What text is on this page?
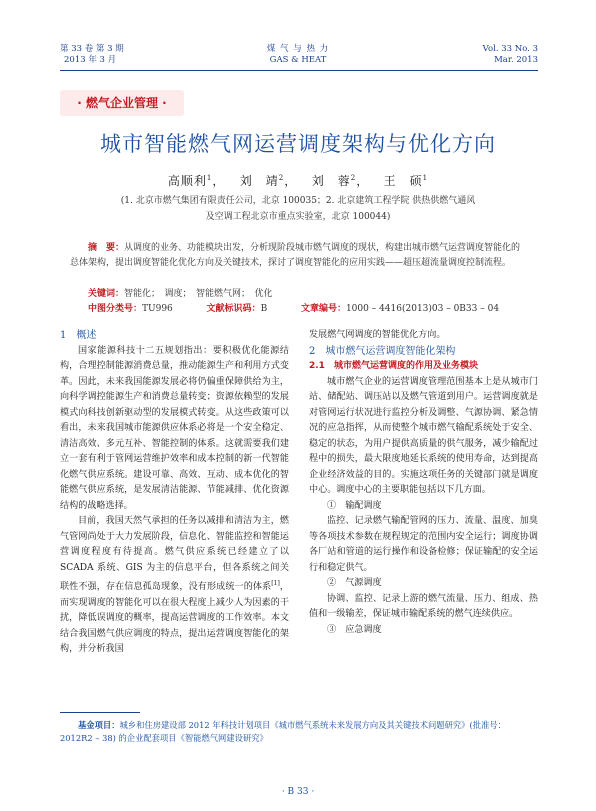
第 33 卷 第 3 期
2013 年 3 月
煤 气 与 热 力
GAS & HEAT
Vol. 33 No. 3
Mar. 2013
· 燃气企业管理 ·
城市智能燃气网运营调度架构与优化方向
高顺利$^1$，   刘　靖$^2$，   刘　蓉$^2$，   王　硕$^1$
(1. 北京市燃气集团有限责任公司，北京 100035；2. 北京建筑工程学院 供热供燃气通风
及空调工程北京市重点实验室，北京 100044)
摘　要：从调度的业务、功能模块出发，分析现阶段城市燃气调度的现状，构建出城市燃气运营调度智能化的总体架构，提出调度智能化优化方向及关键技术，探讨了调度智能化的应用实践——超压超流量调度控制流程。
关键词：智能化；　调度；　智能燃气网；　优化
中图分类号：TU996	文献标识码：B	文章编号：1000 – 4416(2013)03 – 0B33 – 04
1　概述

国家能源科技十二五规划指出：要积极优化能源结构，合理控制能源消费总量，推动能源生产和利用方式变革。因此，未来我国能源发展必将仍偏重保障供给为主，向科学调控能源生产和消费总量转变；资源依赖型的发展模式向科技创新驱动型的发展模式转变。从这些政策可以看出，未来我国城市能源供应体系必将是一个安全稳定、清洁高效、多元互补、智能控制的体系。这就需要我们建立一套有利于管网运营维护效率和成本控制的新一代智能化燃气供应系统。建设可靠、高效、互动、成本优化的智能燃气供应系统，是发展清洁能源、节能减排、优化资源结构的战略选择。

目前，我国天然气承担的任务以减排和清洁为主，燃气管网尚处于大力发展阶段，信息化、智能监控和智能运营调度程度有待提高。燃气供应系统已经建立了以 SCADA 系统、GIS 为主的信息平台，但各系统之间关联性不强，存在信息孤岛现象，没有形成统一的体系[1]，而实现调度的智能化可以在很大程度上减少人为因素的干扰，降低误调度的概率，提高运营调度的工作效率。本文结合我国燃气供应调度的特点，提出运营调度智能化的架构，并分析我国

发展燃气网调度的智能优化方向。

2　城市燃气运营调度智能化架构
2.1　城市燃气运营调度的作用及业务模块

城市燃气企业的运营调度管理范围基本上是从城市门站、储配站、调压站以及燃气管道到用户。运营调度就是对管网运行状况进行监控分析及调整、气源协调、紧急情况的应急指挥，从而使整个城市燃气输配系统处于安全、稳定的状态，为用户提供高质量的供气服务，减少输配过程中的损失，最大限度地延长系统的使用寿命，达到提高企业经济效益的目的。实施这项任务的关键部门就是调度中心。调度中心的主要职能包括以下几方面。

①　输配调度

监控、记录燃气输配管网的压力、流量、温度、加臭等各项技术参数在规程规定的范围内安全运行；调度协调各厂站和管道的运行操作和设备检修；保证输配的安全运行和稳定供气。

②　气源调度

协调、监控、记录上游的燃气流量、压力、组成、热值和一级输差，保证城市输配系统的燃气连续供应。

③　应急调度

基金项目：城乡和住房建设部 2012 年科技计划项目《城市燃气系统未来发展方向及其关键技术问题研究》(批准号：2012R2 – 38) 的企业配套项目《智能燃气网建设研究》
· B 33 ·
